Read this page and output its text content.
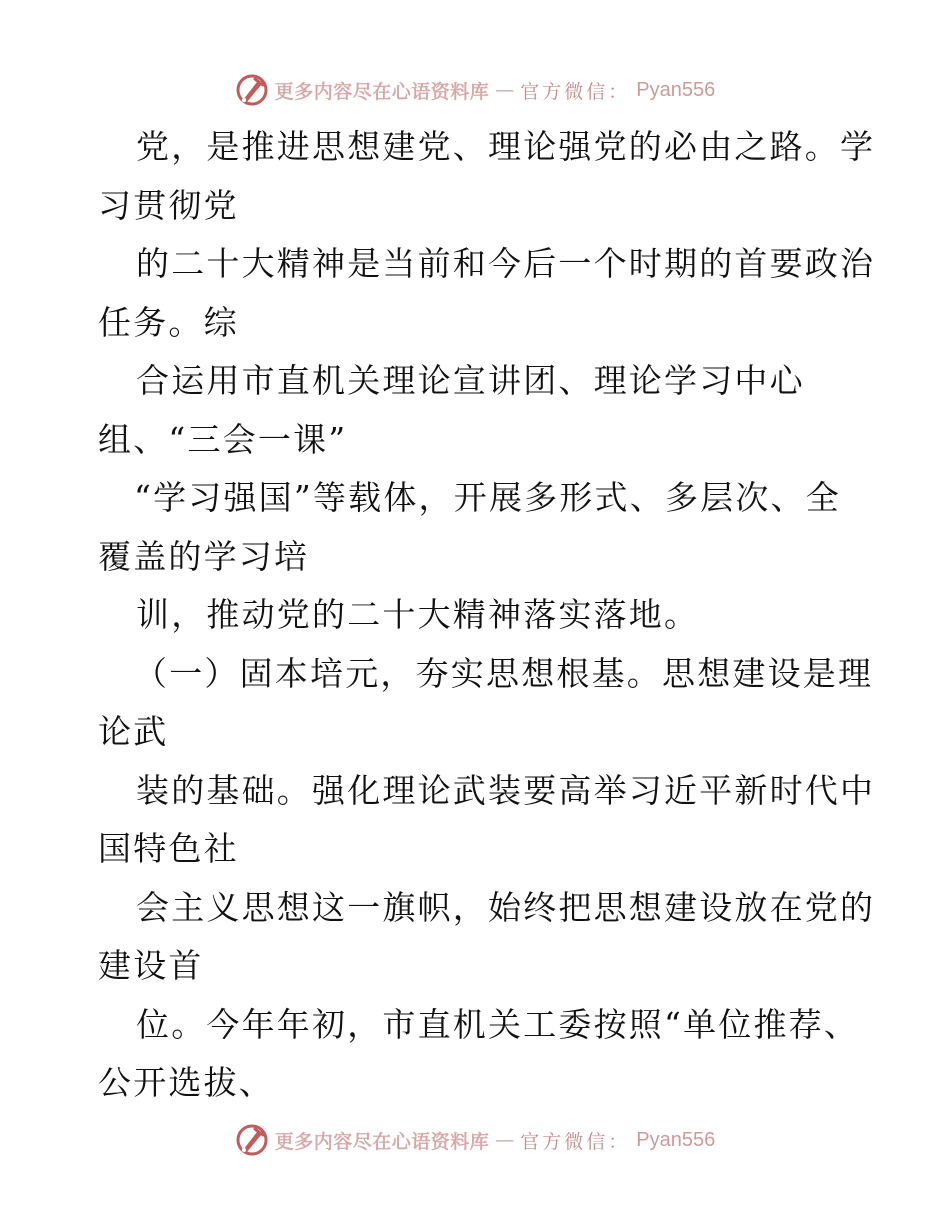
更多内容尽在心语资料库 — 官方微信： Pyan556
党，是推进思想建党、理论强党的必由之路。学
习贯彻党
的二十大精神是当前和今后一个时期的首要政治
任务。综
合运用市直机关理论宣讲团、理论学习中心
组、“三会一课”
“学习强国”等载体，开展多形式、多层次、全
覆盖的学习培
训，推动党的二十大精神落实落地。
（一）固本培元，夯实思想根基。思想建设是理
论武
装的基础。强化理论武装要高举习近平新时代中
国特色社
会主义思想这一旗帜，始终把思想建设放在党的
建设首
位。今年年初，市直机关工委按照“单位推荐、
公开选拔、
更多内容尽在心语资料库 — 官方微信： Pyan556
